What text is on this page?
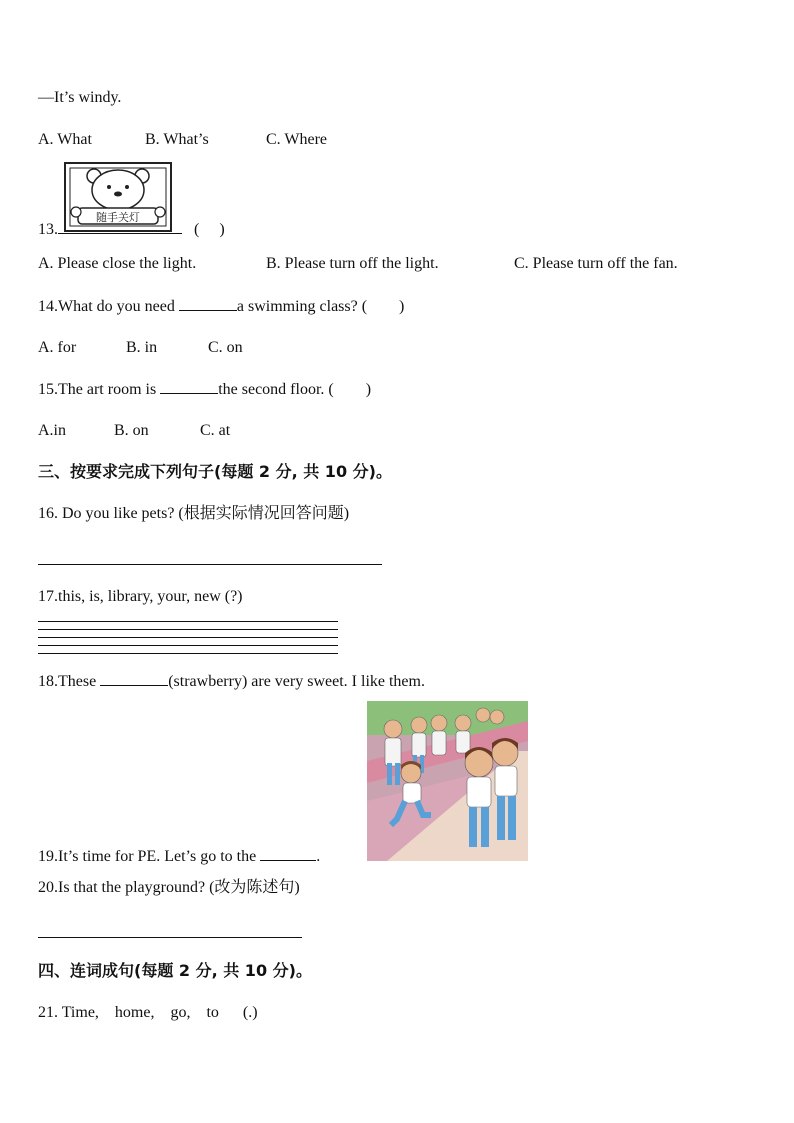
—It’s windy.
A. What	B. What’s	C. Where
随手关灯
13.	(　 )
A. Please close the light.	B. Please turn off the light.	C. Please turn off the fan.
14.What do you need	a swimming class? (　　)
A. for	B. in	C. on
15.The art room is	the second floor. (　　)
A.in	B. on	C. at
三、按要求完成下列句子(每题 2 分, 共 10 分)。
16. Do you like pets? (根据实际情况回答问题)
17.this, is, library, your, new (?)
18.These	(strawberry) are very sweet. I like them.
19.It’s time for PE. Let’s go to the	.
20.Is that the playground? (改为陈述句)
四、连词成句(每题 2 分, 共 10 分)。
21. Time,    home,    go,    to      (.)
